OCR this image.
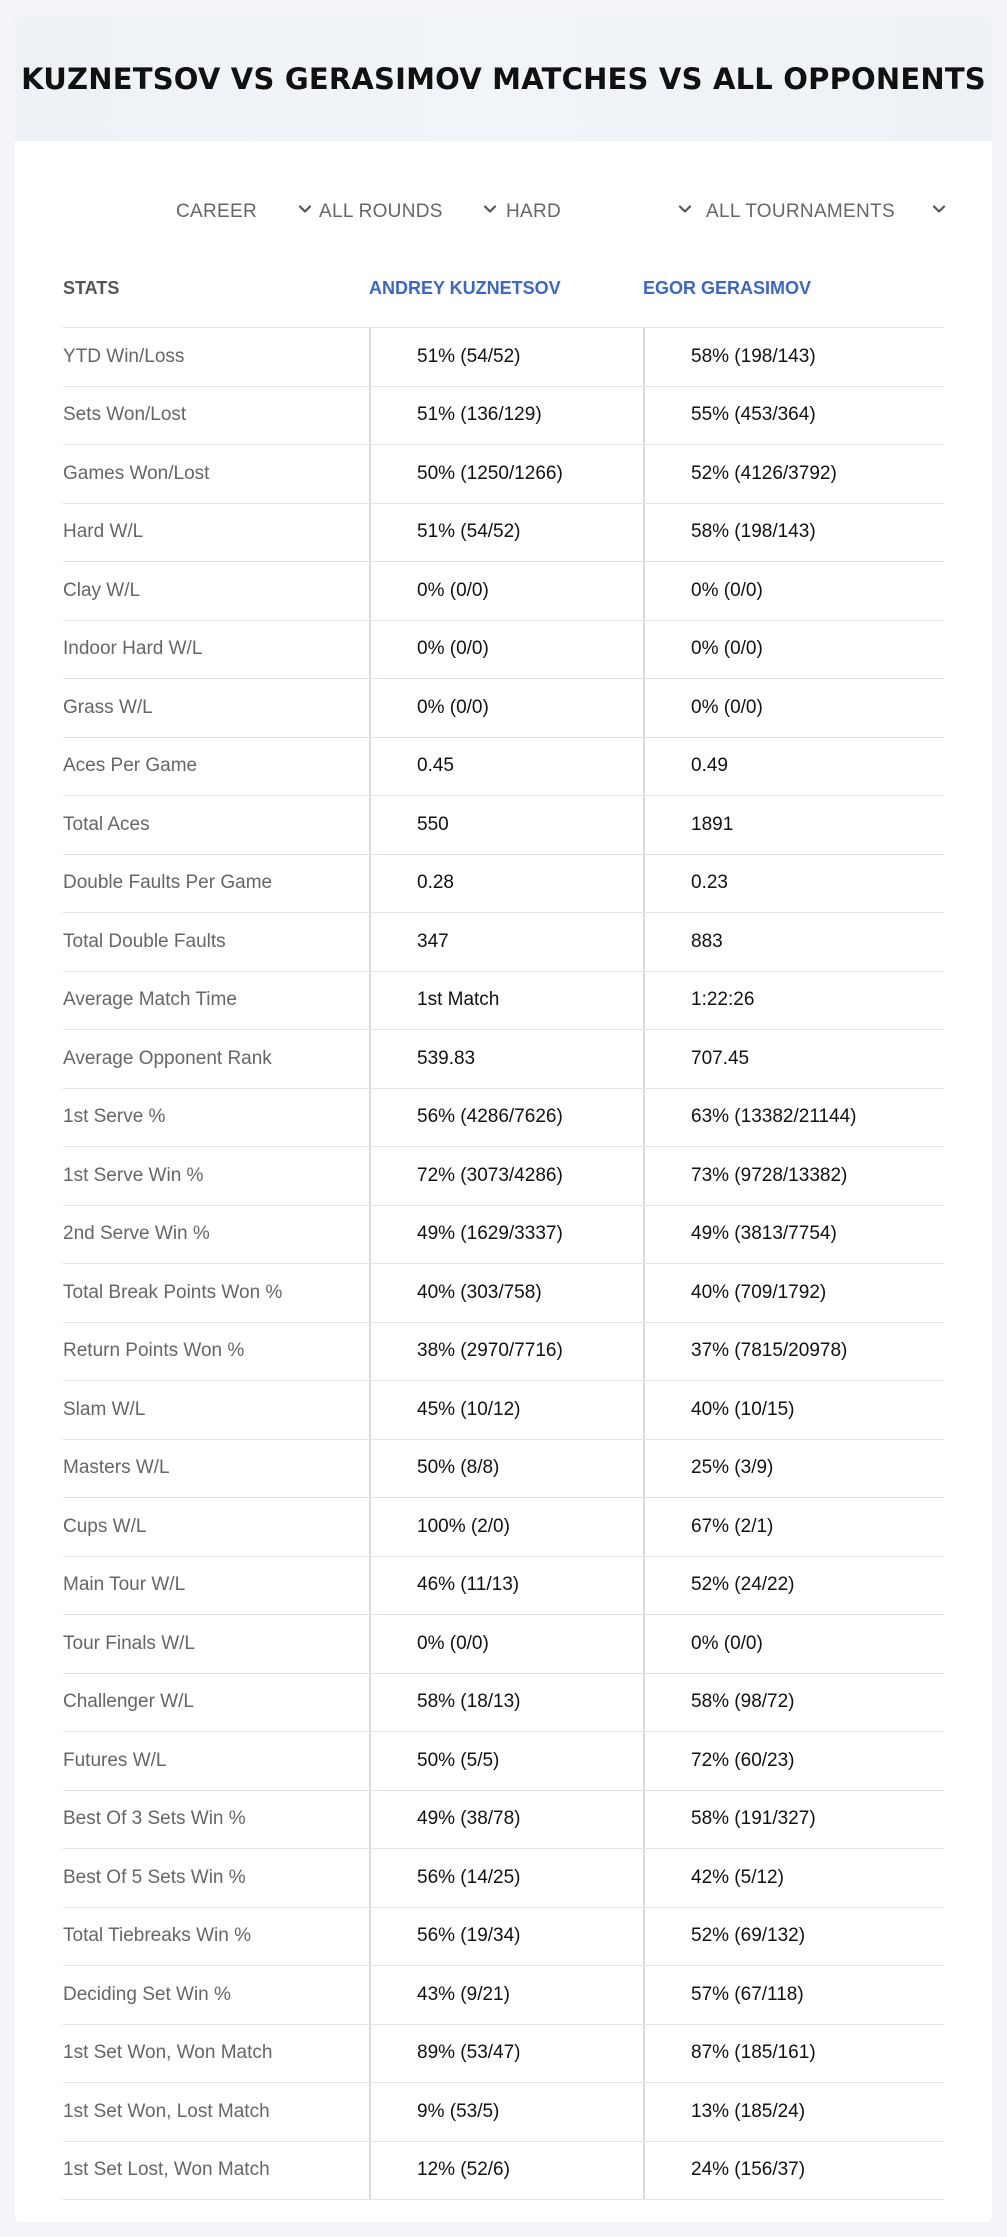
KUZNETSOV VS GERASIMOV MATCHES VS ALL OPPONENTS
CAREER	ALL ROUNDS	HARD	ALL TOURNAMENTS
STATS	ANDREY KUZNETSOV	EGOR GERASIMOV
YTD Win/Loss	51% (54/52)	58% (198/143)
Sets Won/Lost	51% (136/129)	55% (453/364)
Games Won/Lost	50% (1250/1266)	52% (4126/3792)
Hard W/L	51% (54/52)	58% (198/143)
Clay W/L	0% (0/0)	0% (0/0)
Indoor Hard W/L	0% (0/0)	0% (0/0)
Grass W/L	0% (0/0)	0% (0/0)
Aces Per Game	0.45	0.49
Total Aces	550	1891
Double Faults Per Game	0.28	0.23
Total Double Faults	347	883
Average Match Time	1st Match	1:22:26
Average Opponent Rank	539.83	707.45
1st Serve %	56% (4286/7626)	63% (13382/21144)
1st Serve Win %	72% (3073/4286)	73% (9728/13382)
2nd Serve Win %	49% (1629/3337)	49% (3813/7754)
Total Break Points Won %	40% (303/758)	40% (709/1792)
Return Points Won %	38% (2970/7716)	37% (7815/20978)
Slam W/L	45% (10/12)	40% (10/15)
Masters W/L	50% (8/8)	25% (3/9)
Cups W/L	100% (2/0)	67% (2/1)
Main Tour W/L	46% (11/13)	52% (24/22)
Tour Finals W/L	0% (0/0)	0% (0/0)
Challenger W/L	58% (18/13)	58% (98/72)
Futures W/L	50% (5/5)	72% (60/23)
Best Of 3 Sets Win %	49% (38/78)	58% (191/327)
Best Of 5 Sets Win %	56% (14/25)	42% (5/12)
Total Tiebreaks Win %	56% (19/34)	52% (69/132)
Deciding Set Win %	43% (9/21)	57% (67/118)
1st Set Won, Won Match	89% (53/47)	87% (185/161)
1st Set Won, Lost Match	9% (53/5)	13% (185/24)
1st Set Lost, Won Match	12% (52/6)	24% (156/37)
